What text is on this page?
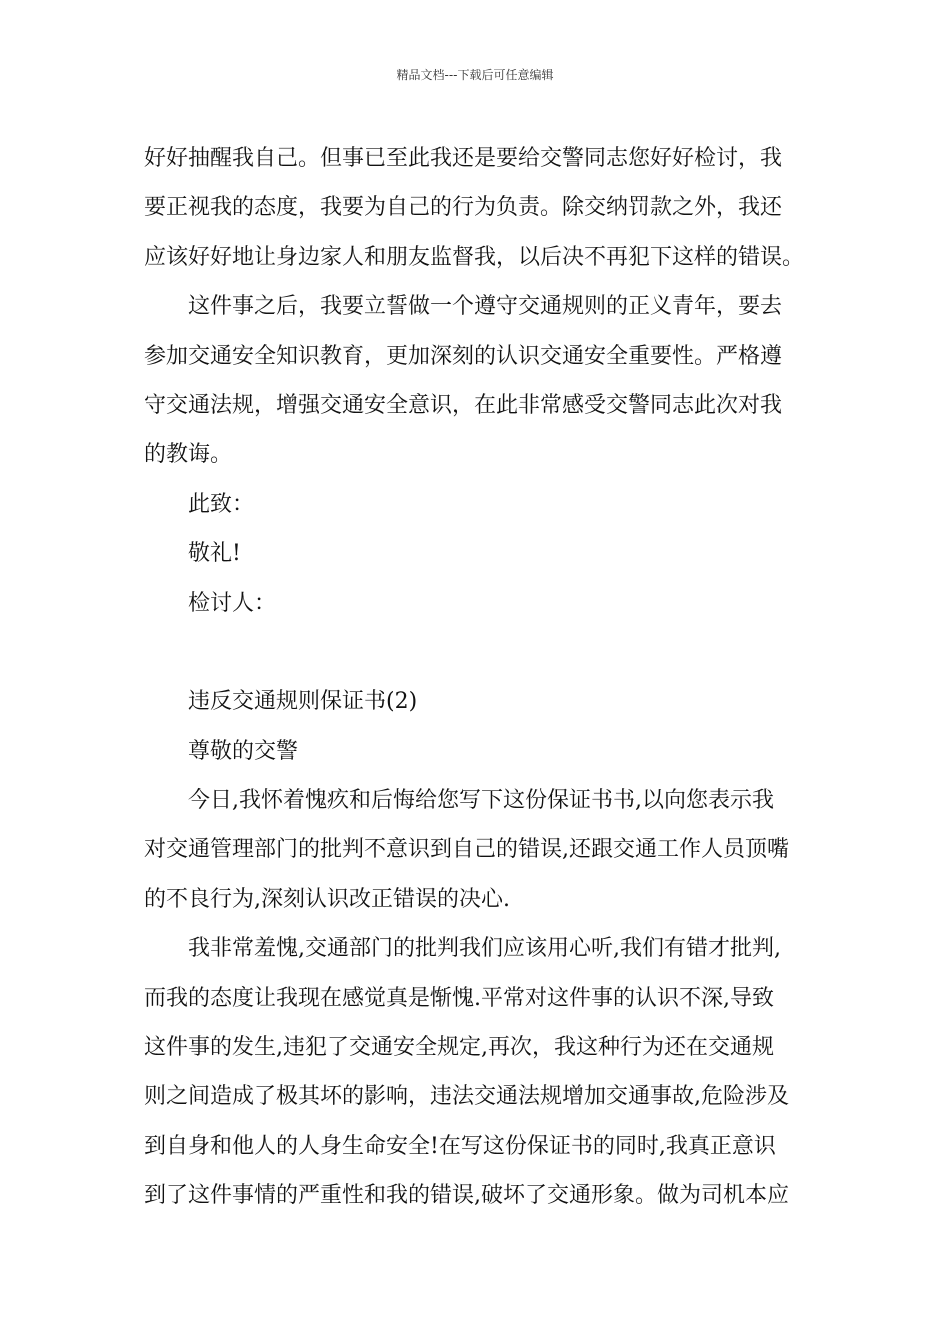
精品文档---下载后可任意编辑
好好抽醒我自己。但事已至此我还是要给交警同志您好好检讨，我
要正视我的态度，我要为自己的行为负责。除交纳罚款之外，我还
应该好好地让身边家人和朋友监督我，以后决不再犯下这样的错误。
这件事之后，我要立誓做一个遵守交通规则的正义青年，要去
参加交通安全知识教育，更加深刻的认识交通安全重要性。严格遵
守交通法规，增强交通安全意识，在此非常感受交警同志此次对我
的教诲。
此致：
敬礼!
检讨人：
违反交通规则保证书(2)
尊敬的交警
今日,我怀着愧疚和后悔给您写下这份保证书书,以向您表示我
对交通管理部门的批判不意识到自己的错误,还跟交通工作人员顶嘴
的不良行为,深刻认识改正错误的决心.
我非常羞愧,交通部门的批判我们应该用心听,我们有错才批判,
而我的态度让我现在感觉真是惭愧.平常对这件事的认识不深,导致
这件事的发生,违犯了交通安全规定,再次，我这种行为还在交通规
则之间造成了极其坏的影响，违法交通法规增加交通事故,危险涉及
到自身和他人的人身生命安全!在写这份保证书的同时,我真正意识
到了这件事情的严重性和我的错误,破坏了交通形象。做为司机本应
